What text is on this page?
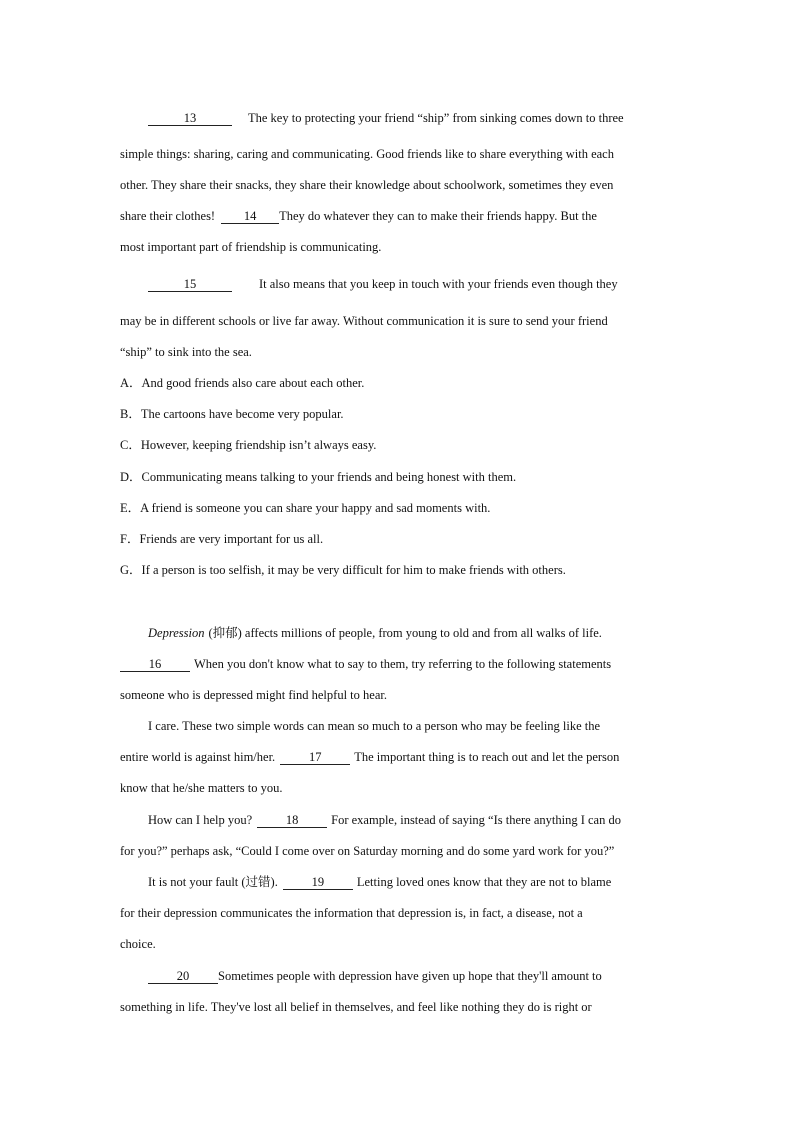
13	The key to protecting your friend “ship” from sinking comes down to three
simple things: sharing, caring and communicating. Good friends like to share everything with each
other. They share their snacks, they share their knowledge about schoolwork, sometimes they even
share their clothes! 14 They do whatever they can to make their friends happy. But the
most important part of friendship is communicating.
15	It also means that you keep in touch with your friends even though they
may be in different schools or live far away. Without communication it is sure to send your friend
“ship” to sink into the sea.
A．And good friends also care about each other.
B．The cartoons have become very popular.
C．However, keeping friendship isn’t always easy.
D．Communicating means talking to your friends and being honest with them.
E．A friend is someone you can share your happy and sad moments with.
F．Friends are very important for us all.
G．If a person is too selfish, it may be very difficult for him to make friends with others.
Depression (抑郁) affects millions of people, from young to old and from all walks of life.
16	When you don't know what to say to them, try referring to the following statements
someone who is depressed might find helpful to hear.
I care. These two simple words can mean so much to a person who may be feeling like the
entire world is against him/her.	17	The important thing is to reach out and let the person
know that he/she matters to you.
How can I help you?	18	For example, instead of saying “Is there anything I can do
for you?” perhaps ask, “Could I come over on Saturday morning and do some yard work for you?”
It is not your fault (过错).	19	Letting loved ones know that they are not to blame
for their depression communicates the information that depression is, in fact, a disease, not a
choice.
20 Sometimes people with depression have given up hope that they'll amount to
something in life. They've lost all belief in themselves, and feel like nothing they do is right or
